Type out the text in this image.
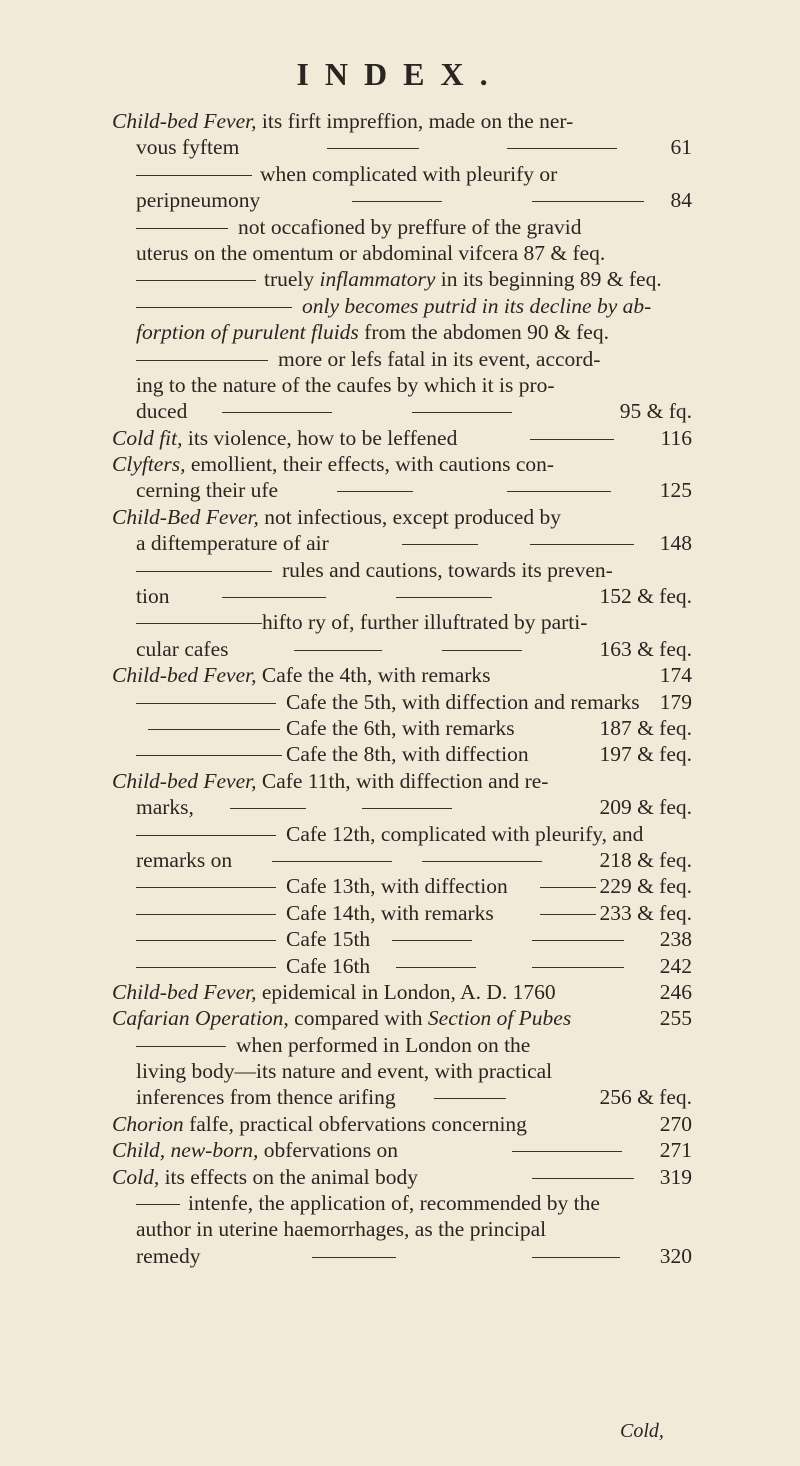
INDEX.
Child-bed Fever, its firft impreffion, made on the ner-
vous fyftem	61
when complicated with pleurify or
peripneumony	84
not occafioned by preffure of the gravid
uterus on the omentum or abdominal vifcera 87 & feq.
truely inflammatory in its beginning 89 & feq.
only becomes putrid in its decline by ab-
forption of purulent fluids from the abdomen 90 & feq.
more or lefs fatal in its event, accord-
ing to the nature of the caufes by which it is pro-
duced	95 & fq.
Cold fit, its violence, how to be leffened	116
Clyfters, emollient, their effects, with cautions con-
cerning their ufe	125
Child-Bed Fever, not infectious, except produced by
a diftemperature of air	148
rules and cautions, towards its preven-
tion	152 & feq.
hifto ry of, further illuftrated by parti-
cular cafes	163 & feq.
Child-bed Fever, Cafe the 4th, with remarks	174
Cafe the 5th, with diffection and remarks 179
Cafe the 6th, with remarks	187 & feq.
Cafe the 8th, with diffection	197 & feq.
Child-bed Fever, Cafe 11th, with diffection and re-
marks,	209 & feq.
Cafe 12th, complicated with pleurify, and
remarks on	218 & feq.
Cafe 13th, with diffection	229 & feq.
Cafe 14th, with remarks	233 & feq.
Cafe 15th	238
Cafe 16th	242
Child-bed Fever, epidemical in London, A. D. 1760	246
Cafarian Operation, compared with Section of Pubes	255
when performed in London on the
living body—its nature and event, with practical
inferences from thence arifing	256 & feq.
Chorion falfe, practical obfervations concerning	270
Child, new-born, obfervations on	271
Cold, its effects on the animal body	319
intenfe, the application of, recommended by the
author in uterine haemorrhages, as the principal
remedy	320
Cold,
